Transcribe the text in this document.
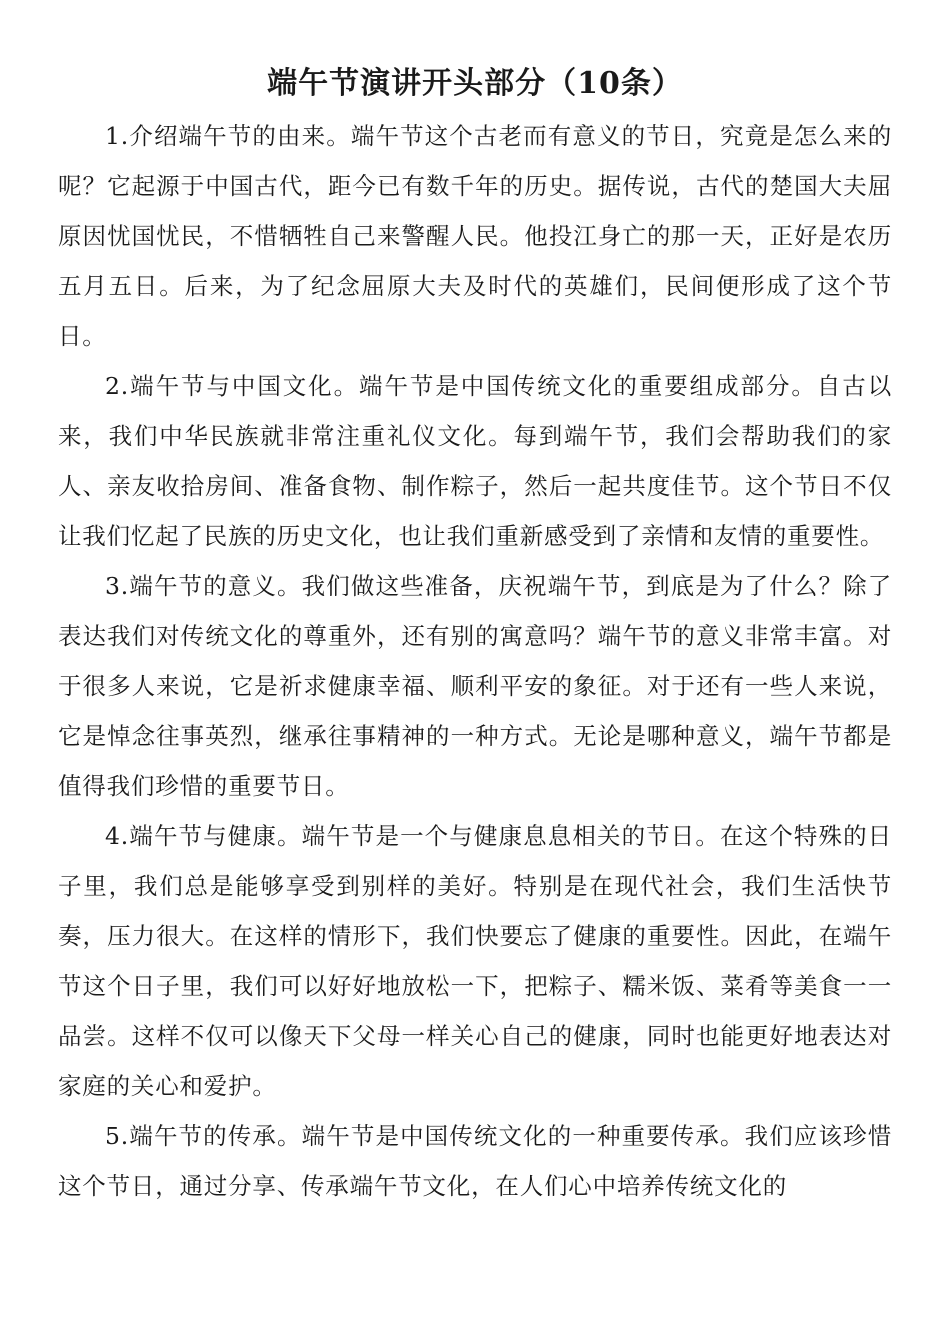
端午节演讲开头部分（10条）

1.介绍端午节的由来。端午节这个古老而有意义的节日，究竟是怎么来的呢？它起源于中国古代，距今已有数千年的历史。据传说，古代的楚国大夫屈原因忧国忧民，不惜牺牲自己来警醒人民。他投江身亡的那一天，正好是农历五月五日。后来，为了纪念屈原大夫及时代的英雄们，民间便形成了这个节日。

2.端午节与中国文化。端午节是中国传统文化的重要组成部分。自古以来，我们中华民族就非常注重礼仪文化。每到端午节，我们会帮助我们的家人、亲友收拾房间、准备食物、制作粽子，然后一起共度佳节。这个节日不仅让我们忆起了民族的历史文化，也让我们重新感受到了亲情和友情的重要性。

3.端午节的意义。我们做这些准备，庆祝端午节，到底是为了什么？除了表达我们对传统文化的尊重外，还有别的寓意吗？端午节的意义非常丰富。对于很多人来说，它是祈求健康幸福、顺利平安的象征。对于还有一些人来说，它是悼念往事英烈，继承往事精神的一种方式。无论是哪种意义，端午节都是值得我们珍惜的重要节日。

4.端午节与健康。端午节是一个与健康息息相关的节日。在这个特殊的日子里，我们总是能够享受到别样的美好。特别是在现代社会，我们生活快节奏，压力很大。在这样的情形下，我们快要忘了健康的重要性。因此，在端午节这个日子里，我们可以好好地放松一下，把粽子、糯米饭、菜肴等美食一一品尝。这样不仅可以像天下父母一样关心自己的健康，同时也能更好地表达对家庭的关心和爱护。

5.端午节的传承。端午节是中国传统文化的一种重要传承。我们应该珍惜这个节日，通过分享、传承端午节文化，在人们心中培养传统文化的
